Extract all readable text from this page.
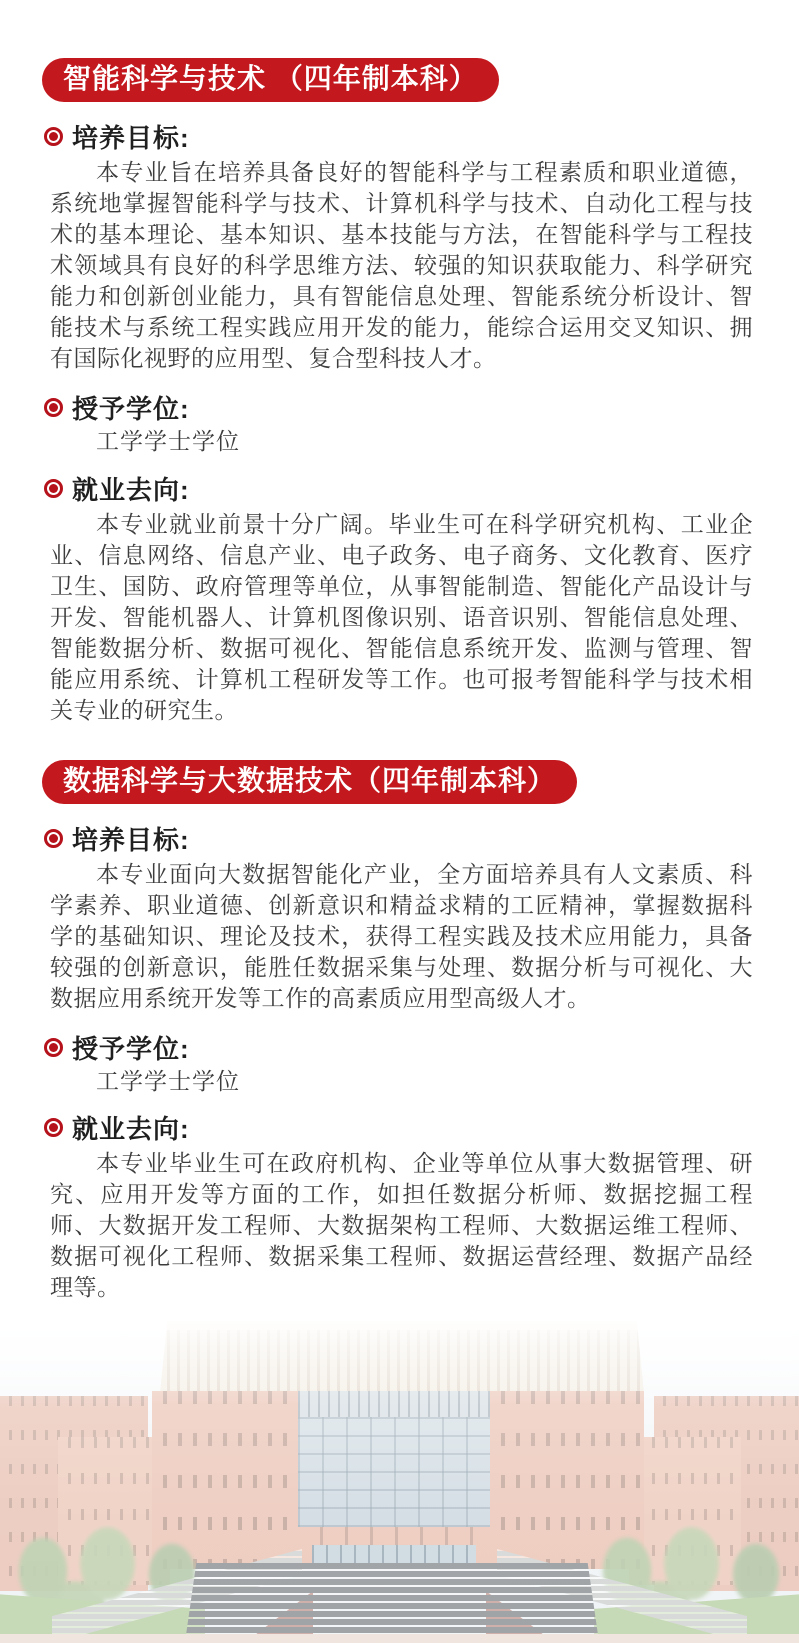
智能科学与技术 （四年制本科）
培养目标:

本专业旨在培养具备良好的智能科学与工程素质和职业道德，系统地掌握智能科学与技术、计算机科学与技术、自动化工程与技术的基本理论、基本知识、基本技能与方法，在智能科学与工程技术领域具有良好的科学思维方法、较强的知识获取能力、科学研究能力和创新创业能力，具有智能信息处理、智能系统分析设计、智能技术与系统工程实践应用开发的能力，能综合运用交叉知识、拥有国际化视野的应用型、复合型科技人才。

授予学位:
工学学士学位
就业去向:

本专业就业前景十分广阔。毕业生可在科学研究机构、工业企业、信息网络、信息产业、电子政务、电子商务、文化教育、医疗卫生、国防、政府管理等单位，从事智能制造、智能化产品设计与开发、智能机器人、计算机图像识别、语音识别、智能信息处理、智能数据分析、数据可视化、智能信息系统开发、监测与管理、智能应用系统、计算机工程研发等工作。也可报考智能科学与技术相关专业的研究生。

数据科学与大数据技术（四年制本科）
培养目标:

本专业面向大数据智能化产业，全方面培养具有人文素质、科学素养、职业道德、创新意识和精益求精的工匠精神，掌握数据科学的基础知识、理论及技术，获得工程实践及技术应用能力，具备较强的创新意识，能胜任数据采集与处理、数据分析与可视化、大数据应用系统开发等工作的高素质应用型高级人才。

授予学位:
工学学士学位
就业去向:

本专业毕业生可在政府机构、企业等单位从事大数据管理、研究、应用开发等方面的工作，如担任数据分析师、数据挖掘工程师、大数据开发工程师、大数据架构工程师、大数据运维工程师、数据可视化工程师、数据采集工程师、数据运营经理、数据产品经理等。
